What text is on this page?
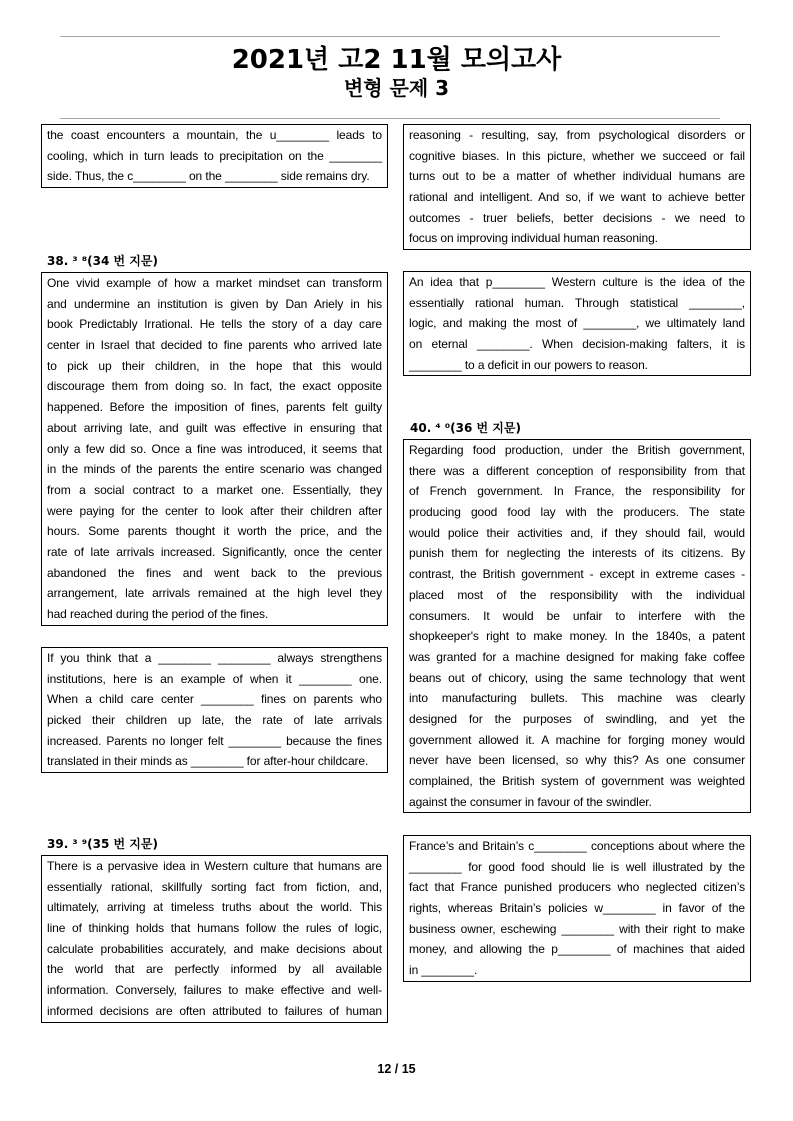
2021년 고2 11월 모의고사
변형 문제 3
the coast encounters a mountain, the u________ leads to
cooling, which in turn leads to precipitation on the ________
side. Thus, the c________ on the ________ side remains dry.
38. ³ ⁸(34 번 지문)
One vivid example of how a market mindset can transform
and undermine an institution is given by Dan Ariely in his
book Predictably Irrational. He tells the story of a day care
center in Israel that decided to fine parents who arrived late
to pick up their children, in the hope that this would
discourage them from doing so. In fact, the exact opposite
happened. Before the imposition of fines, parents felt guilty
about arriving late, and guilt was effective in ensuring that
only a few did so. Once a fine was introduced, it seems that
in the minds of the parents the entire scenario was changed
from a social contract to a market one. Essentially, they
were paying for the center to look after their children after
hours. Some parents thought it worth the price, and the
rate of late arrivals increased. Significantly, once the center
abandoned the fines and went back to the previous
arrangement, late arrivals remained at the high level they
had reached during the period of the fines.
If you think that a ________ ________ always strengthens
institutions, here is an example of when it ________ one.
When a child care center ________ fines on parents who
picked their children up late, the rate of late arrivals
increased. Parents no longer felt ________ because the fines
translated in their minds as ________ for after-hour childcare.
39. ³ ⁹(35 번 지문)
There is a pervasive idea in Western culture that humans are
essentially rational, skillfully sorting fact from fiction, and,
ultimately, arriving at timeless truths about the world. This
line of thinking holds that humans follow the rules of logic,
calculate probabilities accurately, and make decisions about
the world that are perfectly informed by all available
information. Conversely, failures to make effective and well-
informed decisions are often attributed to failures of human
reasoning - resulting, say, from psychological disorders or
cognitive biases. In this picture, whether we succeed or fail
turns out to be a matter of whether individual humans are
rational and intelligent. And so, if we want to achieve better
outcomes - truer beliefs, better decisions - we need to
focus on improving individual human reasoning.
An idea that p________ Western culture is the idea of the
essentially rational human. Through statistical ________,
logic, and making the most of ________, we ultimately land
on eternal ________. When decision-making falters, it is
________ to a deficit in our powers to reason.
40. ⁴ ⁰(36 번 지문)
Regarding food production, under the British government,
there was a different conception of responsibility from that
of French government. In France, the responsibility for
producing good food lay with the producers. The state
would police their activities and, if they should fail, would
punish them for neglecting the interests of its citizens. By
contrast, the British government - except in extreme cases -
placed most of the responsibility with the individual
consumers. It would be unfair to interfere with the
shopkeeper's right to make money. In the 1840s, a patent
was granted for a machine designed for making fake coffee
beans out of chicory, using the same technology that went
into manufacturing bullets. This machine was clearly
designed for the purposes of swindling, and yet the
government allowed it. A machine for forging money would
never have been licensed, so why this? As one consumer
complained, the British system of government was weighted
against the consumer in favour of the swindler.
France’s and Britain’s c________ conceptions about where the
________ for good food should lie is well illustrated by the
fact that France punished producers who neglected citizen’s
rights, whereas Britain’s policies w________ in favor of the
business owner, eschewing ________ with their right to make
money, and allowing the p________ of machines that aided
in ________.
12 / 15
